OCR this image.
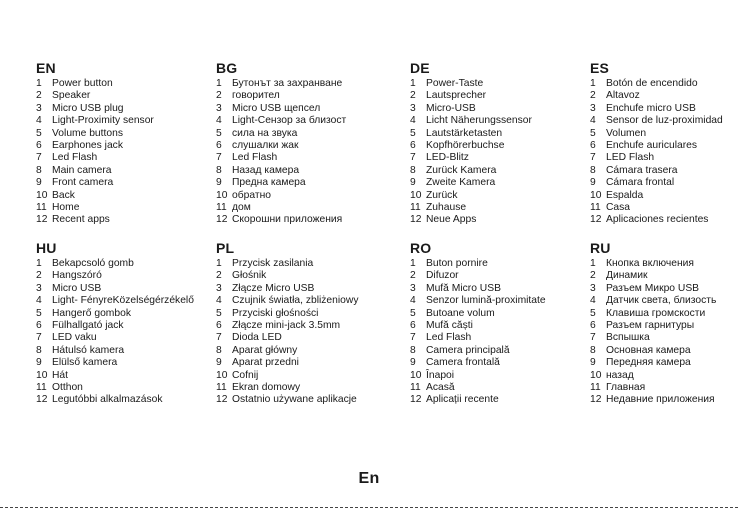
EN
1 Power button
2 Speaker
3 Micro USB plug
4 Light-Proximity sensor
5 Volume buttons
6 Earphones jack
7 Led Flash
8 Main camera
9 Front camera
10 Back
11 Home
12 Recent apps
BG
1 Бутонът за захранване
2 говорител
3 Micro USB щепсел
4 Light-Сензор за близост
5 сила на звука
6 слушалки жак
7 Led Flash
8 Назад камера
9 Предна камера
10 обратно
11 дом
12 Скорошни приложения
DE
1 Power-Taste
2 Lautsprecher
3 Micro-USB
4 Licht Näherungssensor
5 Lautstärketasten
6 Kopfhörerbuchse
7 LED-Blitz
8 Zurück Kamera
9 Zweite Kamera
10 Zurück
11 Zuhause
12 Neue Apps
ES
1 Botón de encendido
2 Altavoz
3 Enchufe micro USB
4 Sensor de luz-proximidad
5 Volumen
6 Enchufe auriculares
7 LED Flash
8 Cámara trasera
9 Cámara frontal
10 Espalda
11 Casa
12 Aplicaciones recientes
HU
1 Bekapcsoló gomb
2 Hangszóró
3 Micro USB
4 Light- FényreKözelségérzékelő
5 Hangerő gombok
6 Fülhallgató jack
7 LED vaku
8 Hátulsó kamera
9 Elülső kamera
10 Hát
11 Otthon
12 Legutóbbi alkalmazások
PL
1 Przycisk zasilania
2 Głośnik
3 Złącze Micro USB
4 Czujnik światła, zbliżeniowy
5 Przyciski głośności
6 Złącze mini-jack 3.5mm
7 Dioda LED
8 Aparat główny
9 Aparat przedni
10 Cofnij
11 Ekran domowy
12 Ostatnio używane aplikacje
RO
1 Buton pornire
2 Difuzor
3 Mufă Micro USB
4 Senzor lumină-proximitate
5 Butoane volum
6 Mufă căști
7 Led Flash
8 Camera principală
9 Camera frontală
10 Înapoi
11 Acasă
12 Aplicații recente
RU
1 Кнопка включения
2 Динамик
3 Разъем Микро USB
4 Датчик света, близость
5 Клавиша громскости
6 Разъем гарнитуры
7 Вспышка
8 Основная камера
9 Передняя камера
10 назад
11 Главная
12 Недавние приложения
En
